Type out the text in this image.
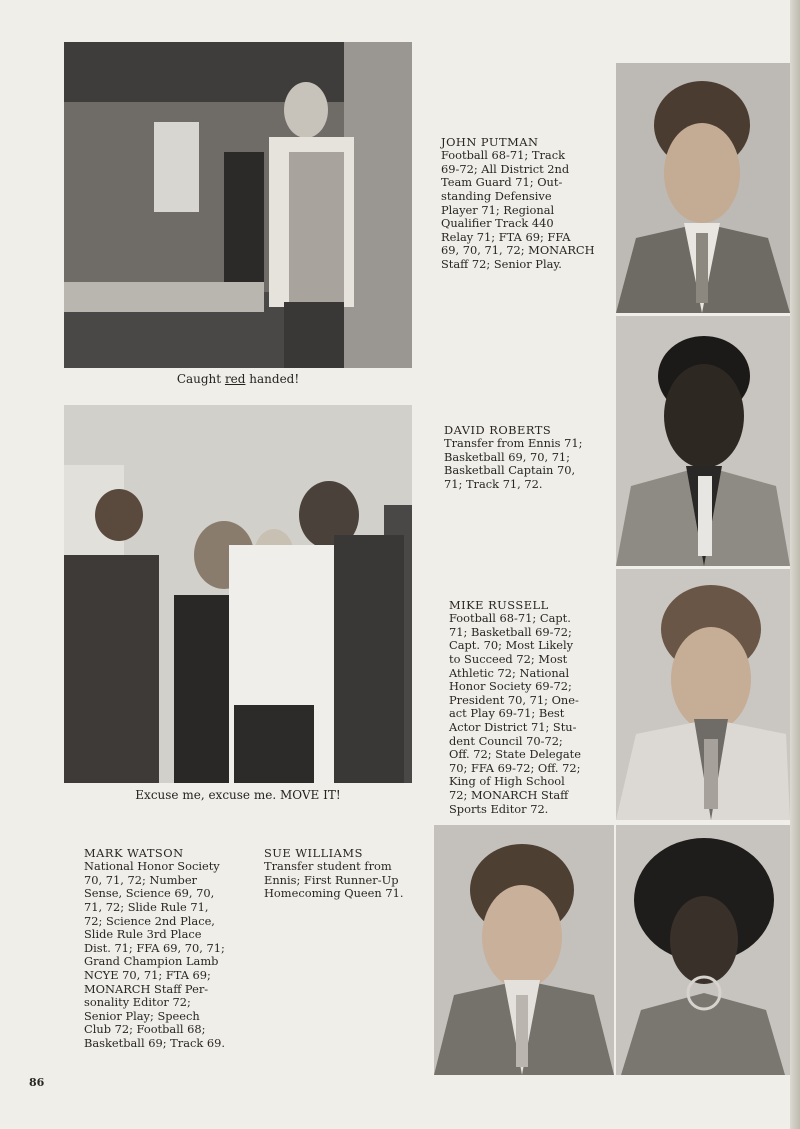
Caught red handed!
Excuse me, excuse me. MOVE IT!

JOHN PUTMAN
Football 68-71; Track
69-72; All District 2nd
Team Guard 71; Out-
standing Defensive
Player 71; Regional
Qualifier Track 440
Relay 71; FTA 69; FFA
69, 70, 71, 72; MONARCH
Staff 72; Senior Play.

DAVID ROBERTS
Transfer from Ennis 71;
Basketball 69, 70, 71;
Basketball Captain 70,
71; Track 71, 72.

MIKE RUSSELL
Football 68-71; Capt.
71; Basketball 69-72;
Capt. 70; Most Likely
to Succeed 72; Most
Athletic 72; National
Honor Society 69-72;
President 70, 71; One-
act Play 69-71; Best
Actor District 71; Stu-
dent Council 70-72;
Off. 72; State Delegate
70; FFA 69-72; Off. 72;
King of High School
72; MONARCH Staff
Sports Editor 72.

MARK WATSON
National Honor Society
70, 71, 72; Number
Sense, Science 69, 70,
71, 72; Slide Rule 71,
72; Science 2nd Place,
Slide Rule 3rd Place
Dist. 71; FFA 69, 70, 71;
Grand Champion Lamb
NCYE 70, 71; FTA 69;
MONARCH Staff Per-
sonality Editor 72;
Senior Play; Speech
Club 72; Football 68;
Basketball 69; Track 69.

SUE WILLIAMS
Transfer student from
Ennis; First Runner-Up
Homecoming Queen 71.

86
